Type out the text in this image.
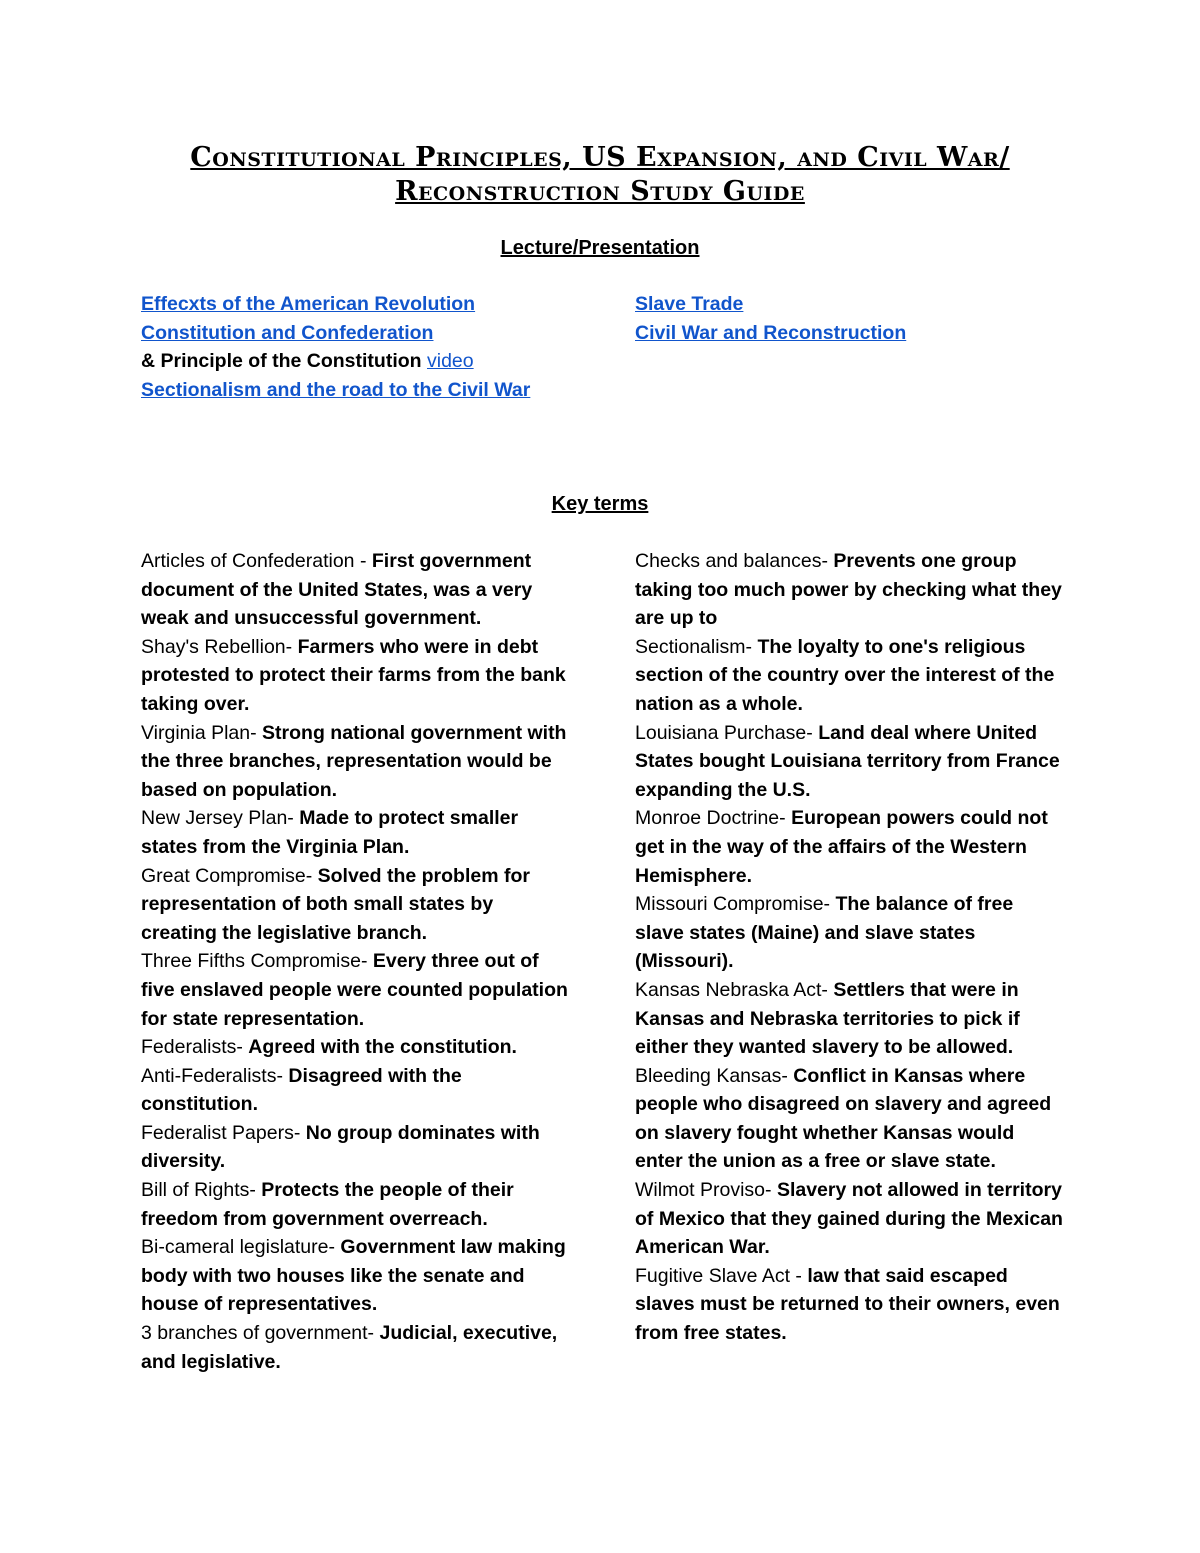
Constitutional Principles, US Expansion, and Civil War/ Reconstruction Study Guide
Lecture/Presentation
Effecxts of the American Revolution
Constitution and Confederation
& Principle of the Constitution video
Sectionalism and the road to the Civil War
Slave Trade
Civil War and Reconstruction
Key terms
Articles of Confederation - First government document of the United States, was a very weak and unsuccessful government.
Shay's Rebellion- Farmers who were in debt protested to protect their farms from the bank taking over.
Virginia Plan- Strong national government with the three branches, representation would be based on population.
New Jersey Plan- Made to protect smaller states from the Virginia Plan.
Great Compromise- Solved the problem for representation of both small states by creating the legislative branch.
Three Fifths Compromise- Every three out of five enslaved people were counted population for state representation.
Federalists- Agreed with the constitution.
Anti-Federalists- Disagreed with the constitution.
Federalist Papers- No group dominates with diversity.
Bill of Rights- Protects the people of their freedom from government overreach.
Bi-cameral legislature- Government law making body with two houses like the senate and house of representatives.
3 branches of government- Judicial, executive, and legislative.
Checks and balances- Prevents one group taking too much power by checking what they are up to
Sectionalism- The loyalty to one's religious section of the country over the interest of the nation as a whole.
Louisiana Purchase- Land deal where United States bought Louisiana territory from France expanding the U.S.
Monroe Doctrine- European powers could not get in the way of the affairs of the Western Hemisphere.
Missouri Compromise- The balance of free slave states (Maine) and slave states (Missouri).
Kansas Nebraska Act- Settlers that were in Kansas and Nebraska territories to pick if either they wanted slavery to be allowed.
Bleeding Kansas- Conflict in Kansas where people who disagreed on slavery and agreed on slavery fought whether Kansas would enter the union as a free or slave state.
Wilmot Proviso- Slavery not allowed in territory of Mexico that they gained during the Mexican American War.
Fugitive Slave Act - law that said escaped slaves must be returned to their owners, even from free states.
